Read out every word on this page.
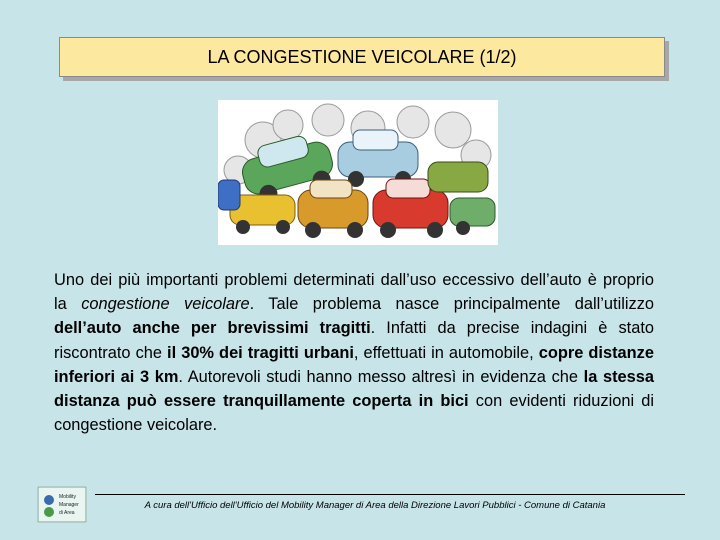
LA CONGESTIONE VEICOLARE (1/2)
Uno dei più importanti problemi determinati dall’uso eccessivo dell’auto è proprio la congestione veicolare. Tale problema nasce principalmente dall’utilizzo dell’auto anche per brevissimi tragitti. Infatti da precise indagini è stato riscontrato che il 30% dei tragitti urbani, effettuati in automobile, copre distanze inferiori ai 3 km. Autorevoli studi hanno messo altresì in evidenza che la stessa distanza può essere tranquillamente coperta in bici con evidenti riduzioni di congestione veicolare.
Mobility
Manager
di Area
A cura dell'Ufficio dell'Ufficio del Mobility Manager di Area della Direzione Lavori Pubblici - Comune di Catania
